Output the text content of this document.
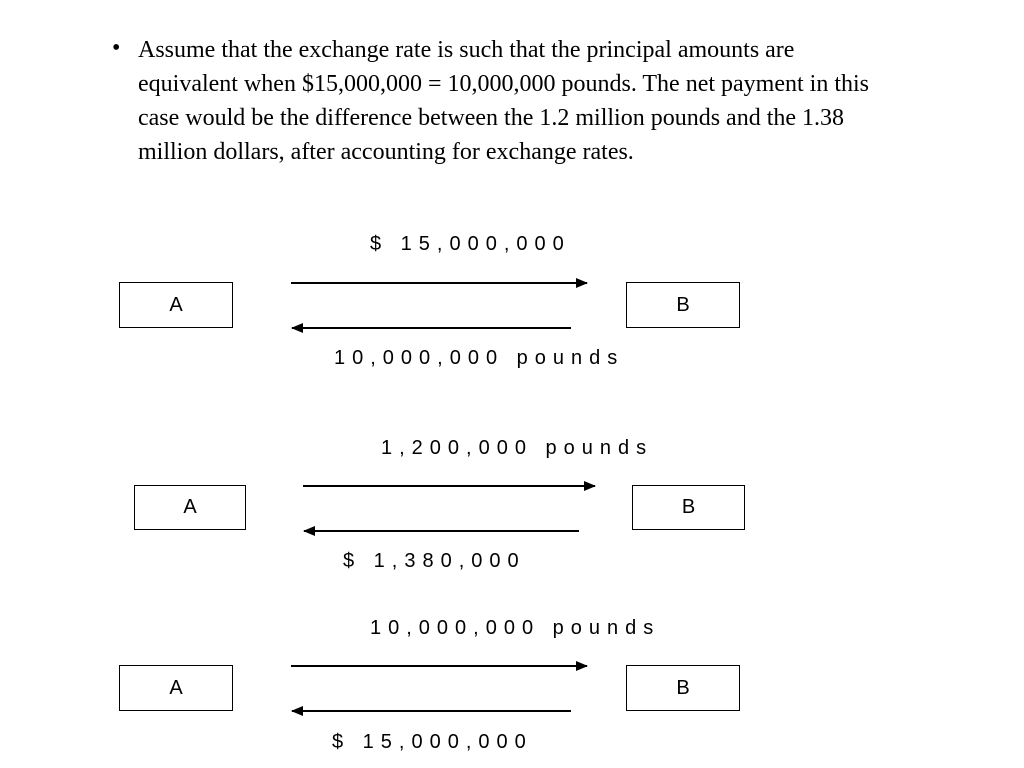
• Assume that the exchange rate is such that the principal amounts are equivalent when $15,000,000 = 10,000,000 pounds. The net payment in this case would be the difference between the 1.2 million pounds and the 1.38 million dollars, after accounting for exchange rates.
$ 15,000,000
A	B
10,000,000 pounds
1,200,000 pounds
A	B
$ 1,380,000
10,000,000 pounds
A	B
$ 15,000,000
